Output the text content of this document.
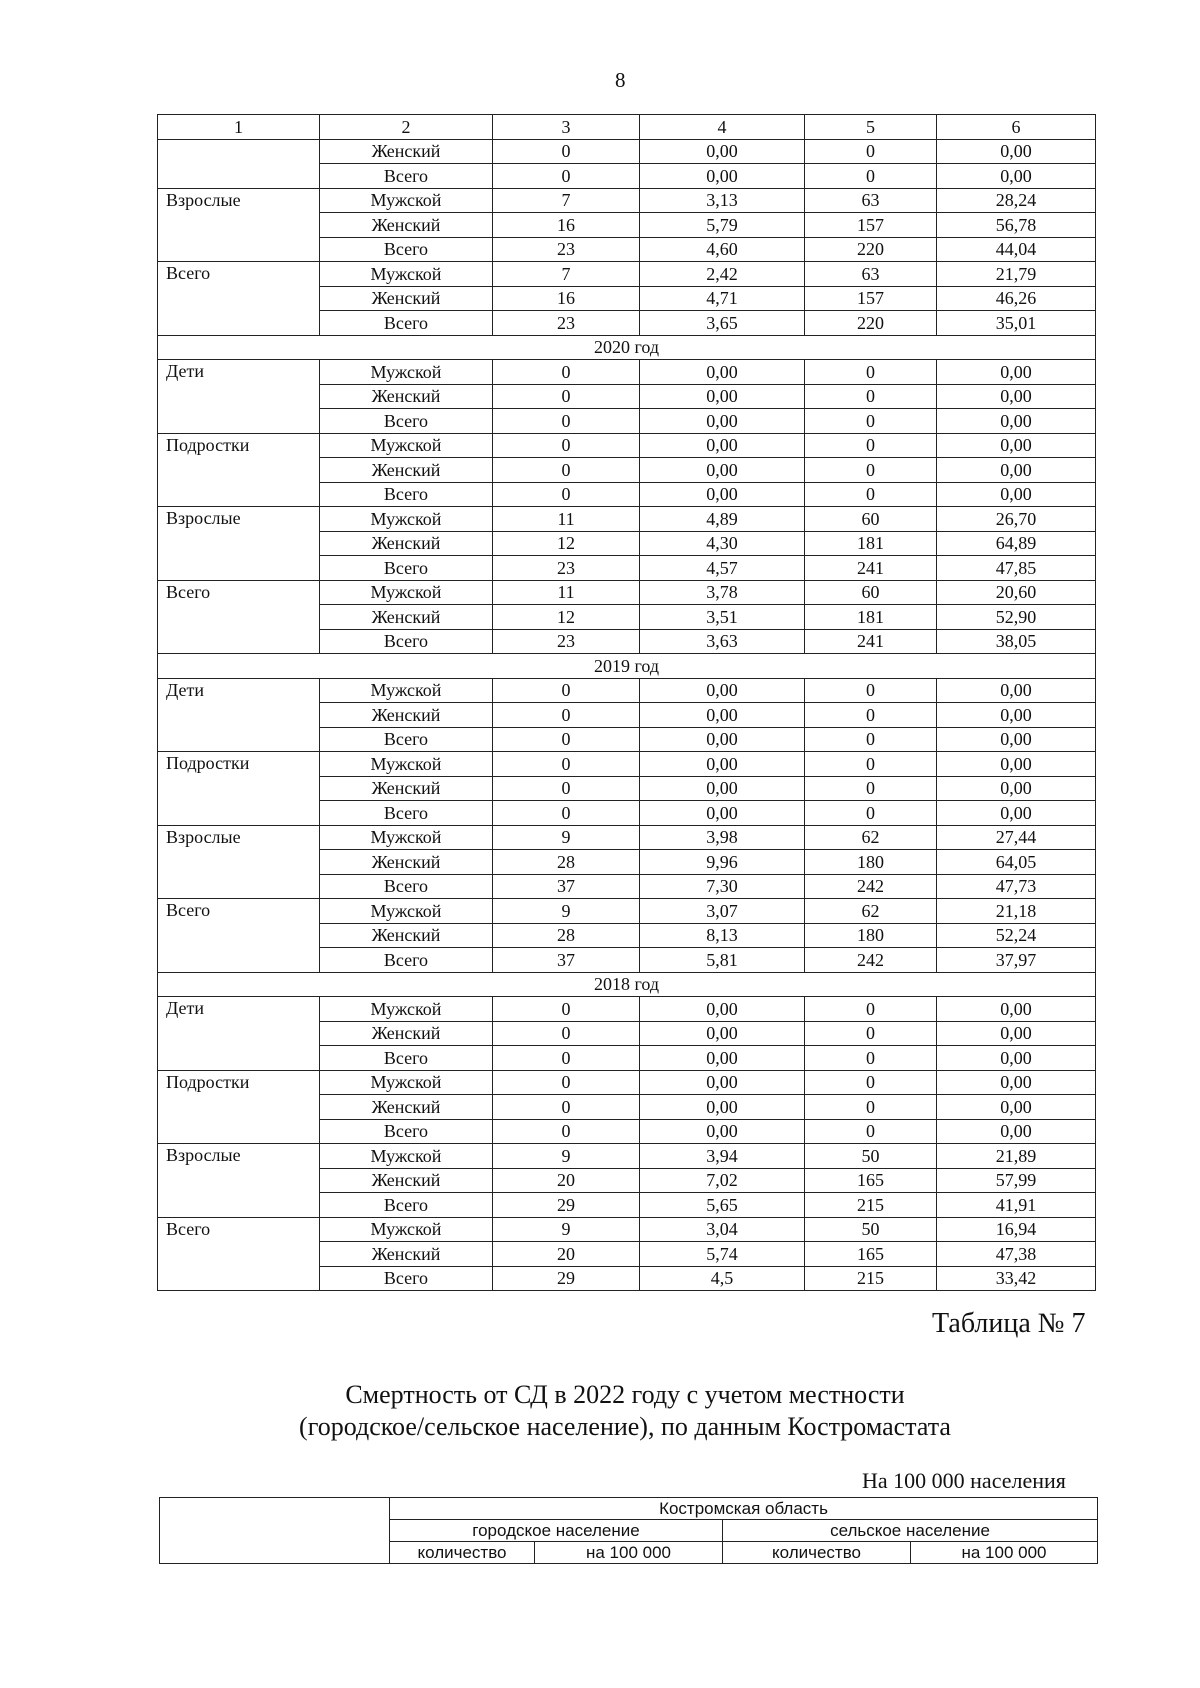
8
1	2	3	4	5	6
	Женский	0	0,00	0	0,00
	Всего	0	0,00	0	0,00
Взрослые	Мужской	7	3,13	63	28,24
	Женский	16	5,79	157	56,78
	Всего	23	4,60	220	44,04
Всего	Мужской	7	2,42	63	21,79
	Женский	16	4,71	157	46,26
	Всего	23	3,65	220	35,01
2020 год					
Дети	Мужской	0	0,00	0	0,00
	Женский	0	0,00	0	0,00
	Всего	0	0,00	0	0,00
Подростки	Мужской	0	0,00	0	0,00
	Женский	0	0,00	0	0,00
	Всего	0	0,00	0	0,00
Взрослые	Мужской	11	4,89	60	26,70
	Женский	12	4,30	181	64,89
	Всего	23	4,57	241	47,85
Всего	Мужской	11	3,78	60	20,60
	Женский	12	3,51	181	52,90
	Всего	23	3,63	241	38,05
2019 год					
Дети	Мужской	0	0,00	0	0,00
	Женский	0	0,00	0	0,00
	Всего	0	0,00	0	0,00
Подростки	Мужской	0	0,00	0	0,00
	Женский	0	0,00	0	0,00
	Всего	0	0,00	0	0,00
Взрослые	Мужской	9	3,98	62	27,44
	Женский	28	9,96	180	64,05
	Всего	37	7,30	242	47,73
Всего	Мужской	9	3,07	62	21,18
	Женский	28	8,13	180	52,24
	Всего	37	5,81	242	37,97
2018 год					
Дети	Мужской	0	0,00	0	0,00
	Женский	0	0,00	0	0,00
	Всего	0	0,00	0	0,00
Подростки	Мужской	0	0,00	0	0,00
	Женский	0	0,00	0	0,00
	Всего	0	0,00	0	0,00
Взрослые	Мужской	9	3,94	50	21,89
	Женский	20	7,02	165	57,99
	Всего	29	5,65	215	41,91
Всего	Мужской	9	3,04	50	16,94
	Женский	20	5,74	165	47,38
	Всего	29	4,5	215	33,42
Таблица № 7
Смертность от СД в 2022 году с учетом местности
(городское/сельское население), по данным Костромастата
На 100 000 населения
	Костромская область			
	городское население		сельское население	
	количество	на 100 000	количество	на 100 000
